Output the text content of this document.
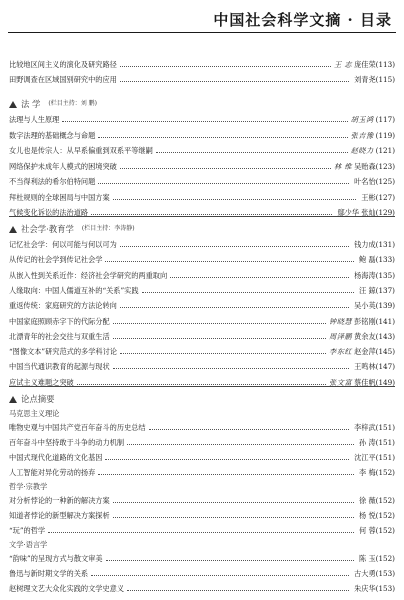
中国社会科学文摘 · 目录
比较地区间主义的演化及研究路径	王 志 庞佳荣(113)
田野调查在区域国别研究中的应用	刘青尧(115)
法 学 (栏目主持：刘 鹏)
法理与人生原理	胡玉鸿 (117)
数字法理的基础概念与命题	张吉豫 (119)
女儿也是传宗人：从早系偏重到双系平等继嗣	赵晓力 (121)
网络保护未成年人模式的困境突破	林 维 吴贻森(123)
不当得利法的希尔伯特问题	叶名怡(125)
拜杜规则的全球困局与中国方案	王彬(127)
气候变化诉讼的法治道路	鄢少华 张灿(129)
社会学·教育学 (栏目主持：李涛静)
记忆社会学：何以可能与何以可为	钱力成(131)
从传记的社会学到传记社会学	鲍 磊(133)
从嵌入性到关系近作：经济社会学研究的两重取向	杨海涛(135)
人缘取向：中国人儒道互补的“关系”实践	汪 鍄(137)
重返传统：家庭研究的方法论转向	吴小英(139)
中国家庭照顾赤字下的代际分配	钟晓慧 彭铭刚(141)
北漂青年的社会交往与双重生活	周泽鹏 黄余友(143)
“图像文本”研究范式的多学科讨论	李东红 赵金萍(145)
中国当代通识教育的起源与现状	王鸣林(147)
应试主义难题之突破	张文富 蔡佳帆(149)
论点摘要
马克思主义理论
唯物史观与中国共产党百年奋斗的历史总结	李梓武(151)
百年奋斗中坚持敢于斗争的动力机制	孙 涛(151)
中国式现代化道路的文化基因	沈江平(151)
人工智能对异化劳动的扬弃	李 梅(152)
哲学·宗教学
对分析悖论的一种新的解决方案	徐 薇(152)
知道者悖论的新型解决方案探析	杨 悦(152)
“玩”的哲学	何 蓉(152)
文学·语言学
“韵味”的呈现方式与散文审美	陈 玉(152)
鲁迅与新时期文学的关系	古大勇(153)
赵树理文艺大众化实践的文学史意义	朱庆华(153)
